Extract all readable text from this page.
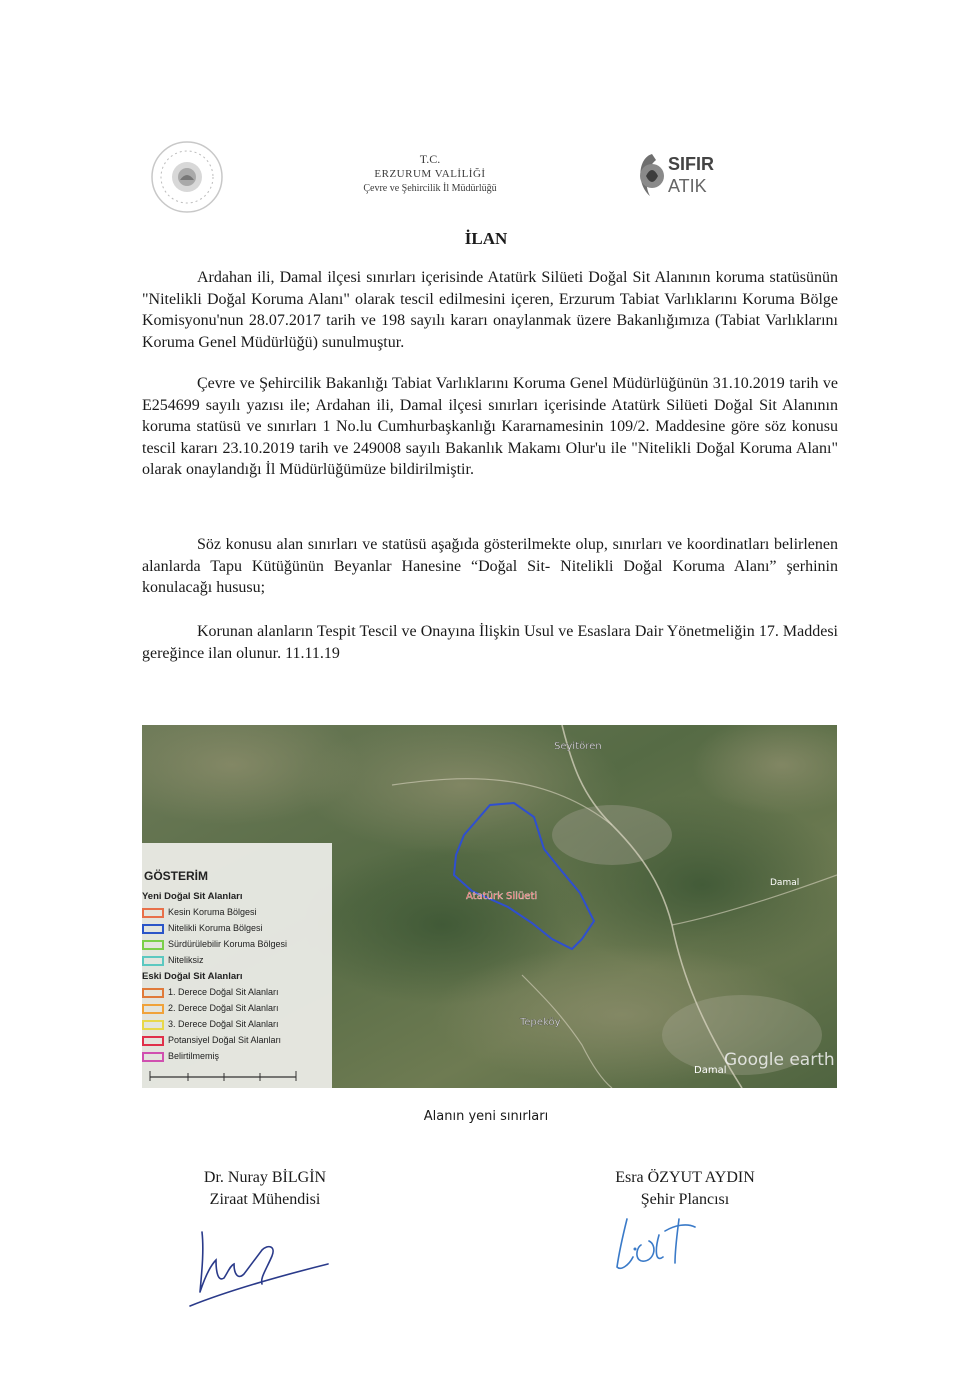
T.C.
ERZURUM VALİLİĞİ
Çevre ve Şehircilik İl Müdürlüğü
SIFIR
ATIK
İLAN

Ardahan ili, Damal ilçesi sınırları içerisinde Atatürk Silüeti Doğal Sit Alanının koruma statüsünün "Nitelikli Doğal Koruma Alanı" olarak tescil edilmesini içeren, Erzurum Tabiat Varlıklarını Koruma Bölge Komisyonu'nun 28.07.2017 tarih ve 198 sayılı kararı onaylanmak üzere Bakanlığımıza (Tabiat Varlıklarını Koruma Genel Müdürlüğü) sunulmuştur.

Çevre ve Şehircilik Bakanlığı Tabiat Varlıklarını Koruma Genel Müdürlüğünün 31.10.2019 tarih ve E254699 sayılı yazısı ile; Ardahan ili, Damal ilçesi sınırları içerisinde Atatürk Silüeti Doğal Sit Alanının koruma statüsü ve sınırları 1 No.lu Cumhurbaşkanlığı Kararnamesinin 109/2. Maddesine göre söz konusu tescil kararı 23.10.2019 tarih ve 249008 sayılı Bakanlık Makamı Olur'u ile "Nitelikli Doğal Koruma Alanı" olarak onaylandığı İl Müdürlüğümüze bildirilmiştir.

Söz konusu alan sınırları ve statüsü aşağıda gösterilmekte olup, sınırları ve koordinatları belirlenen alanlarda Tapu Kütüğünün Beyanlar Hanesine “Doğal Sit- Nitelikli Doğal Koruma Alanı” şerhinin konulacağı hususu;

Korunan alanların Tespit Tescil ve Onayına İlişkin Usul ve Esaslara Dair Yönetmeliğin 17. Maddesi gereğince ilan olunur. 11.11.19

Seyitören
Damal
Tepeköy
Damal
Atatürk Silüeti
Google earth
GÖSTERİM
Yeni Doğal Sit Alanları
Kesin Koruma Bölgesi
Nitelikli Koruma Bölgesi
Sürdürülebilir Koruma Bölgesi
Niteliksiz
Eski Doğal Sit Alanları
1. Derece Doğal Sit Alanları
2. Derece Doğal Sit Alanları
3. Derece Doğal Sit Alanları
Potansiyel Doğal Sit Alanları
Belirtilmemiş
Alanın yeni sınırları
Dr. Nuray BİLGİN
Ziraat Mühendisi
Esra ÖZYUT AYDIN
Şehir Plancısı
